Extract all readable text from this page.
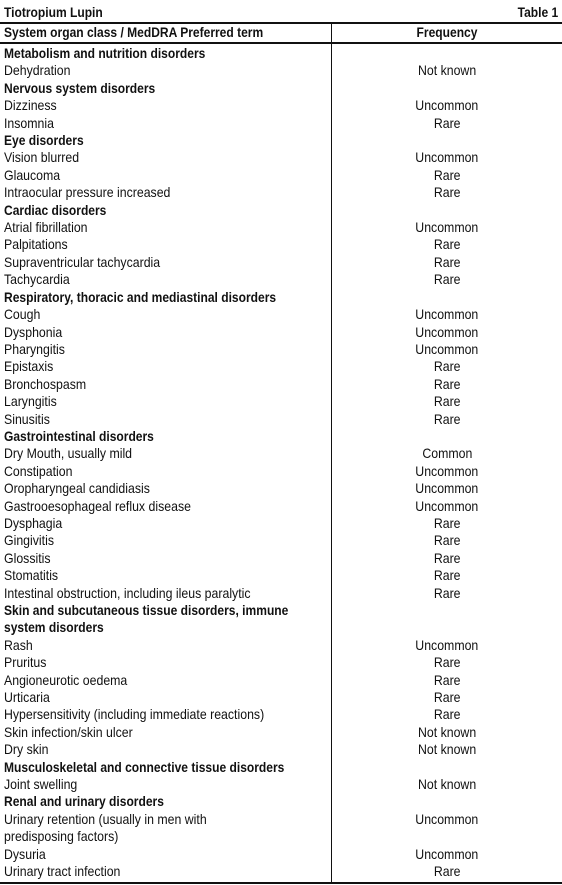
Tiotropium Lupin	Table 1
System organ class / MedDRA Preferred term	Frequency
Metabolism and nutrition disorders
Dehydration	Not known
Nervous system disorders
Dizziness	Uncommon
Insomnia	Rare
Eye disorders
Vision blurred	Uncommon
Glaucoma	Rare
Intraocular pressure increased	Rare
Cardiac disorders
Atrial fibrillation	Uncommon
Palpitations	Rare
Supraventricular tachycardia	Rare
Tachycardia	Rare
Respiratory, thoracic and mediastinal disorders
Cough	Uncommon
Dysphonia	Uncommon
Pharyngitis	Uncommon
Epistaxis	Rare
Bronchospasm	Rare
Laryngitis	Rare
Sinusitis	Rare
Gastrointestinal disorders
Dry Mouth, usually mild	Common
Constipation	Uncommon
Oropharyngeal candidiasis	Uncommon
Gastrooesophageal reflux disease	Uncommon
Dysphagia	Rare
Gingivitis	Rare
Glossitis	Rare
Stomatitis	Rare
Intestinal obstruction, including ileus paralytic	Rare
Skin and subcutaneous tissue disorders, immune
system disorders
Rash	Uncommon
Pruritus	Rare
Angioneurotic oedema	Rare
Urticaria	Rare
Hypersensitivity (including immediate reactions)	Rare
Skin infection/skin ulcer	Not known
Dry skin	Not known
Musculoskeletal and connective tissue disorders
Joint swelling	Not known
Renal and urinary disorders
Urinary retention (usually in men with	Uncommon
predisposing factors)
Dysuria	Uncommon
Urinary tract infection	Rare
